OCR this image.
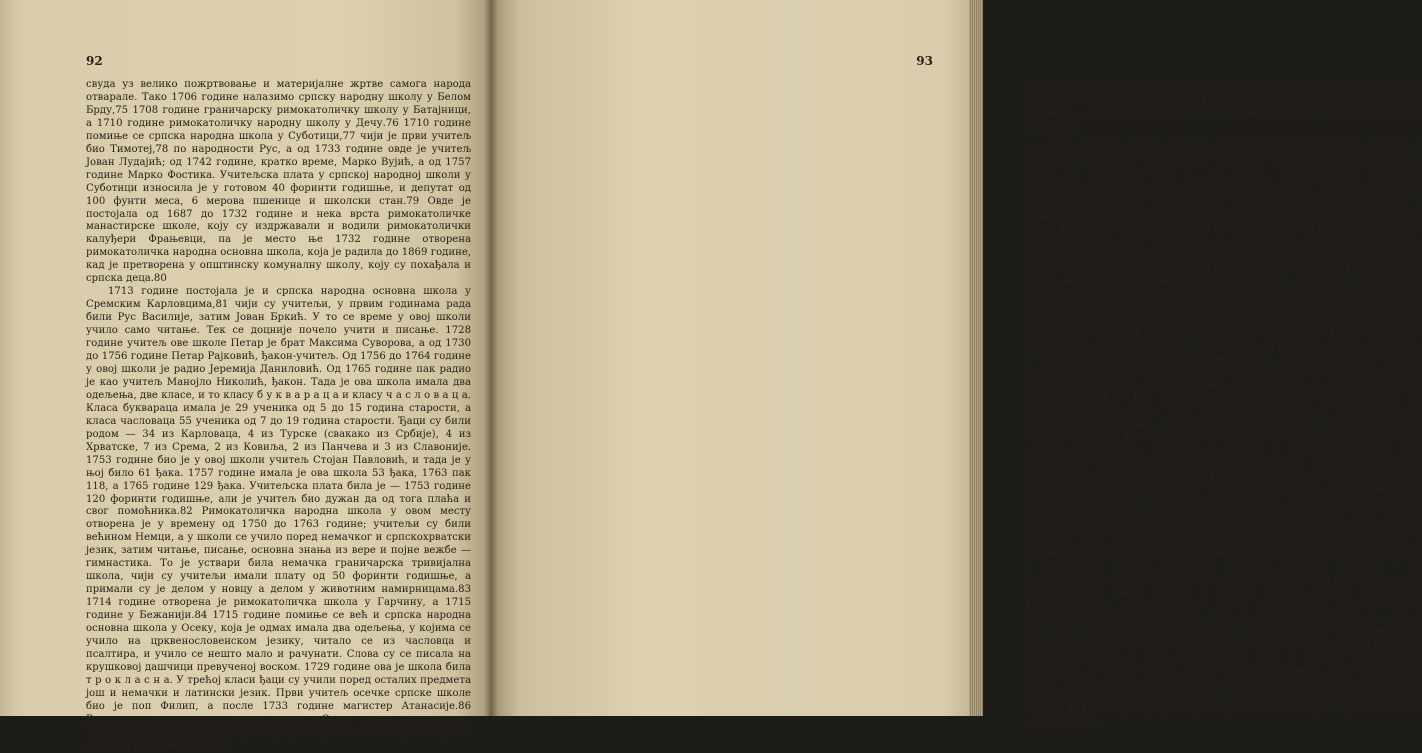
92

свуда уз велико пожртвовање и материјалне жртве самога народа отварале. Тако 1706 године налазимо српску народну школу у Белом Брду,75 1708 године граничарску римокатоличку школу у Батајници, а 1710 године римокатоличку народну школу у Дечу.76 1710 године помиње се српска народна школа у Суботици,77 чији је први учитељ био Тимотеј,78 по народности Рус, а од 1733 године овде је учитељ Јован Лудајић; од 1742 године, кратко време, Марко Вујић, а од 1757 године Марко Фостика. Учитељска плата у српској народној школи у Суботици износила је у готовом 40 форинти годишње, и депутат од 100 фунти меса, 6 мерова пшенице и школски стан.79 Овде је постојала од 1687 до 1732 године и нека врста римокатоличке манастирске школе, коју су издржавали и водили римокатолички калуђери Фрањевци, па је место ње 1732 године отворена римокатоличка народна основна школа, која је радила до 1869 године, кад је претворена у општинску комуналну школу, коју су похађала и српска деца.80

1713 године постојала је и српска народна основна школа у Сремским Карловцима,81 чији су учитељи, у првим годинама рада били Рус Василије, затим Јован Бркић. У то се време у овој школи учило само читање. Тек се доцније почело учити и писање. 1728 године учитељ ове школе Петар је брат Максима Суворова, а од 1730 до 1756 године Петар Рајковић, ђакон-учитељ. Од 1756 до 1764 године у овој школи је радио Јеремија Даниловић. Од 1765 године пак радио је као учитељ Манојло Николић, ђакон. Тада је ова школа имала два одељења, две класе, и то класу б у к в а р а ц а и класу ч а с л о в а ц а. Класа букварaца имала је 29 ученика од 5 до 15 година старости, а класа часловаца 55 ученика од 7 до 19 година старости. Ђаци су били родом — 34 из Карловаца, 4 из Турске (свакако из Србије), 4 из Хрватске, 7 из Срема, 2 из Ковиља, 2 из Панчева и 3 из Славоније. 1753 године био је у овој школи учитељ Стојан Павловић, и тада је у њој било 61 ђака. 1757 године имала је ова школа 53 ђака, 1763 пак 118, а 1765 године 129 ђака. Учитељска плата била је — 1753 године 120 форинти годишње, али је учитељ био дужан да од тога плаћа и свог помоћника.82 Римокатоличка народна школа у овом месту отворена је у времену од 1750 до 1763 године; учитељи су били већином Немци, а у школи се учило поред немачког и српскохрватски језик, затим читање, писање, основна знања из вере и појне вежбе — гимнастика. То је уствари била немачка граничарска тривијална школа, чији су учитељи имали плату од 50 форинти годишње, а примали су је делом у новцу а делом у животним намирницама.83 1714 године отворена је римокатоличка школа у Гарчину, а 1715 године у Бежанији.84 1715 године помиње се већ и српска народна основна школа у Осеку, која је одмах имала два одељења, у којима се учило на црквенословенском језику, читало се из часловца и псалтира, и учило се нешто мало и рачунати. Слова су се писала на крушковој дашчици превученој воском. 1729 године ова је школа била т р о к л а с н а. У трећој класи ђаци су учили поред осталих предмета још и немачки и латински језик. Први учитељ осечке српске школе био је поп Филип, а после 1733 године магистер Атанасије.86 Римокатоличка народна основна школа у Осеку помиње се први пут 1723 године, и то у самостану калуђера Исусоваца. Како је у то време Дворско ратно веће у Бечу

93

школе сматрало као новотарију, иста школа морала је да престане са радом. Поново је отворена тек 1729 године, и тада је одмах имала два одељења — мушко и женско.87 1716 године помиње се народна школа у Визићу.88

1717 године први пут се помиње српска народна школа у Сомбору,89 чији је учитељ тада био магистер Павле, па затим учитељ-светитељ Милић.90 Још се зна да је на овој школи радио мештер Атанасије Поповић, који је 24 априла 1749 године, приликом рестаурације магистрата слободног града Сомбора, постао сенатор.91 1752 године српска православна црквена општина у Сомбору, у присуству митрополитског изасланика, утврдила је плату своме учитељу на 50 форинти годишње, школски стан са потребним огревом и два пара чизама годишње.92 У Сомбору је постојала нека врста римокатоличке манастирске школе, коју су водили римокатолички калуђери Фрањевци, наводно већ од 1687 године, па је иста престала са радом 1781 године и место ње отворена је римокатоличка народна школа.93 1720 године помиње се први пут и српска народна школа у Иригу, чији је учитељ од 1720 до 1730 године био протопоп Остоја.94 Од 1730 до 1740 године били су учитељи на овој школи мештер Григорије и мештер Коваj.95 Даље се помињу још и магистер Симеон, и Теодосије Николић, па поп Живан и протопоп Андреј.96 1736 године ова је школа имала три класе. У трећој класи учило се, поред свега онога што се учило и у другим српским школама, још и немачки и латински језик. Учитељи су били мешни свештеници, а као световно лице помиње се мештер Михаило Владисављевић.97 Још су радили на овој школи учитељ Петар, па протопоп Цвеја и Иван. 1756 године био је школски епитроп Живан Бурков.98 1720 године, а свакако и раније, почела је са радом и српска народна школа у Вуковару, чији је први учитељ био мештер Живан, па се још помиње као учитељ ове школе и протопоп Јован.99 Код вуковарског учитеља Богића учио се писмености Вићентије Поповић, бивши вршачки владика, који је 1728 године примио монашки чин.100 За вуковарску народну школу у црквени тутор клупе 1733 године и за исте платио укупно 5 форинти и 88 новчића. Школу је издржавала и плаћала учитеље српска православна црквена општина. 1757 године учитељска плата у Вуковару била је 90 форинти годишње, а учитељ III класе, у којој се учило, поред осталих предмета, још и немачки и латински језик, примао је 196 форинти годишње.101 1754 године било је у вуковарској српској школи 67 ученика, од којих су били — 21 букварци, међу којима је било и 4 женске, 31 часловци и 15 псалтирци. Псалтирци су знали помало и писати. Учитељ је био Кузман.102 Римокатоличку школу у овом месту отворили су римокатолички калуђери Фрањевци 1736 године. Иста је одмах имала две класе — м а л у к л а с у, коју су похађала и мушка и женска деца. Учитељ ове класе био је световњак и звао се »preceptor puerorum«. Д р у г у к л а с у ове школе похађала су само мушка деца, чији је учитељ био калуђер Фрањевац. У овој се класи, поред осталих предмета, учио и латински језик. 1737 године отворена је римокатоличка народна школа у Новом Вуковару.103 1720 године први пут се помиње српска народна школа у Земуну.104 Као најстарији земунски учитељи помињу се — учитељ Тома, затим даскал
